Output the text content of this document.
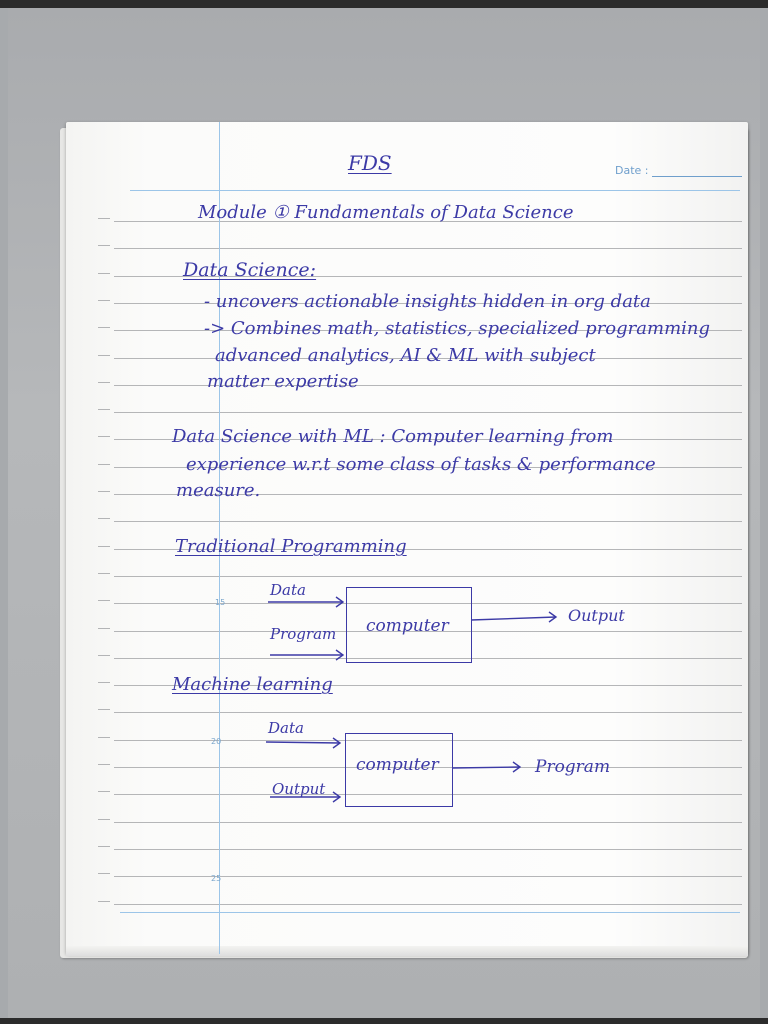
Date :
15
20
25
FDS
Module ① Fundamentals of Data Science
Data Science:
- uncovers actionable insights hidden in org data
-> Combines math, statistics, specialized programming
advanced analytics, AI & ML with subject
matter expertise
Data Science with ML : Computer learning from
experience w.r.t some class of tasks & performance
measure.
Traditional Programming
Data
Program computer
Output
Machine learning
Data
Output
computer	Program
